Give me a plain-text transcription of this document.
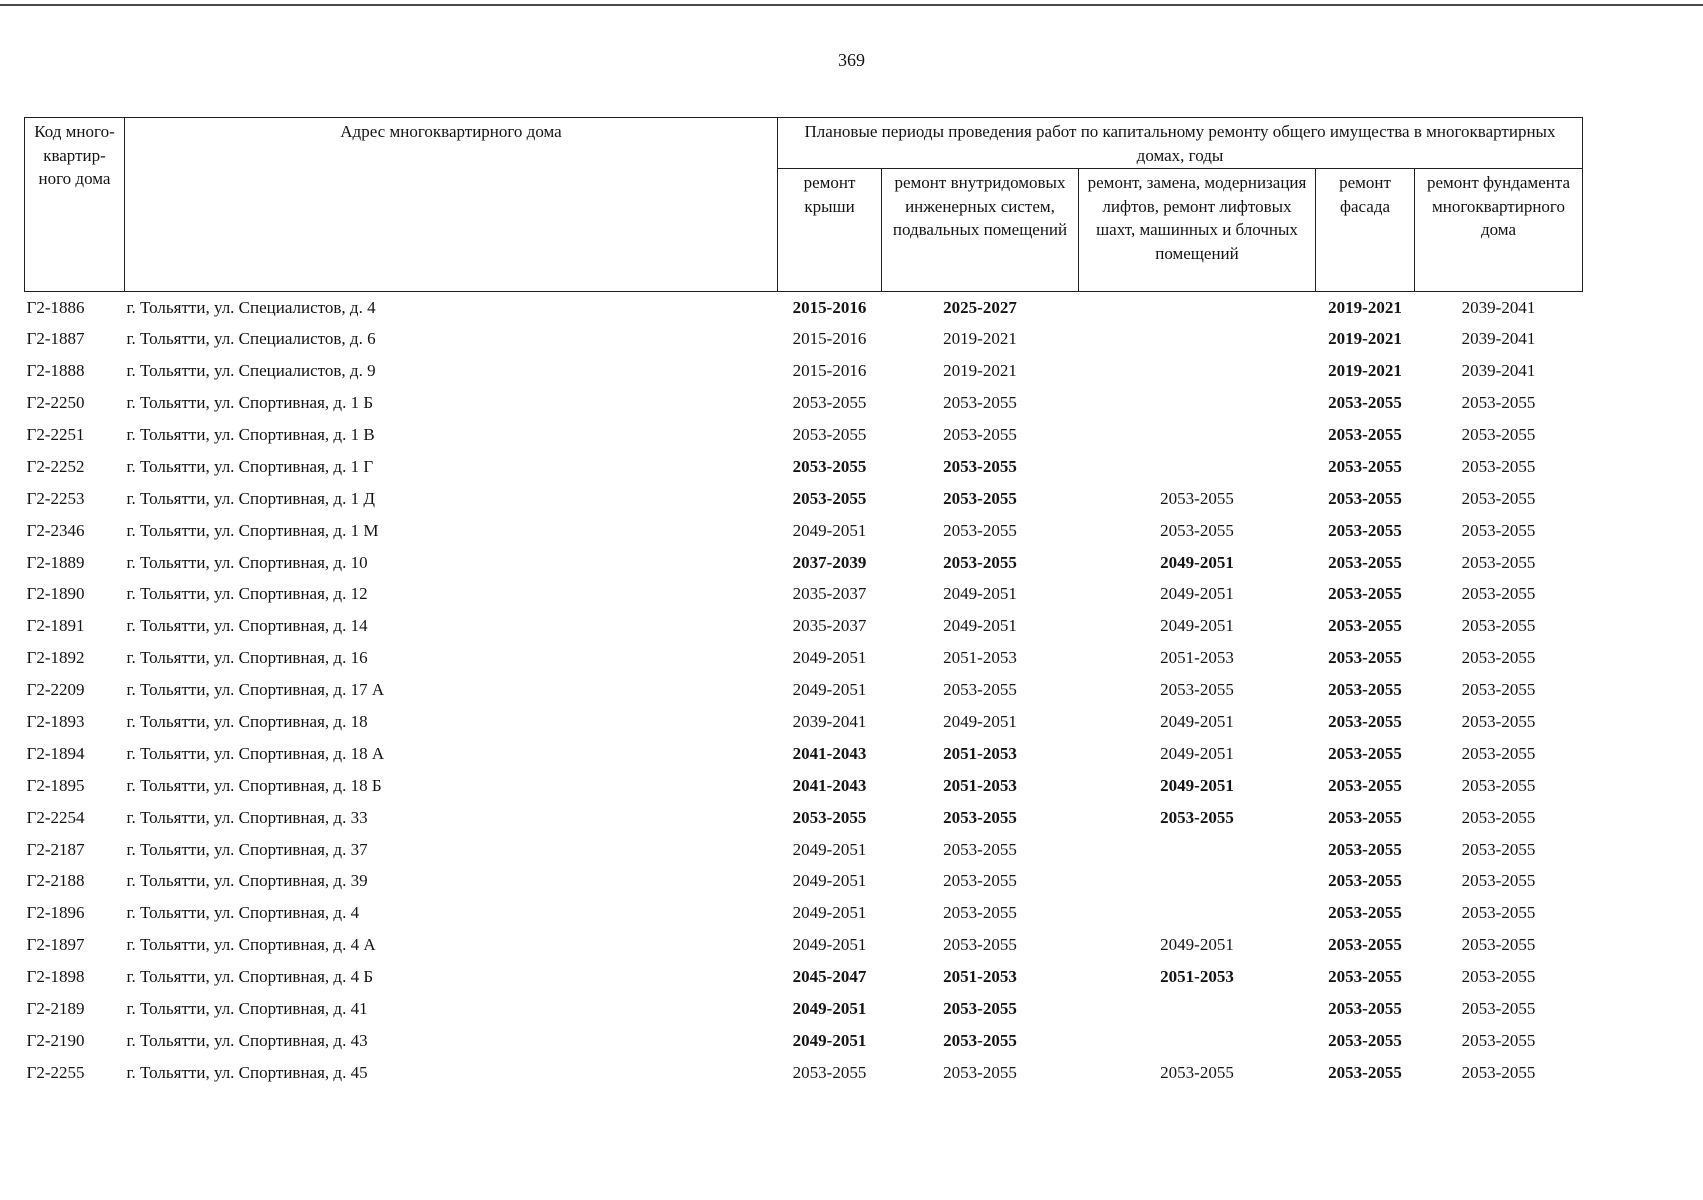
369
Код много-квартир-ного дома	Адрес многоквартирного дома	Плановые периоды проведения работ по капитальному ремонту общего имущества в многоквартирных домах, годы				
		ремонт крыши	ремонт внутридомовых инженерных систем, подвальных помещений	ремонт, замена, модернизация лифтов, ремонт лифтовых шахт, машинных и блочных помещений	ремонт фасада	ремонт фундамента многоквартирного дома
Г2-1886	г. Тольятти, ул. Специалистов, д. 4	2015-2016	2025-2027		2019-2021	2039-2041
Г2-1887	г. Тольятти, ул. Специалистов, д. 6	2015-2016	2019-2021		2019-2021	2039-2041
Г2-1888	г. Тольятти, ул. Специалистов, д. 9	2015-2016	2019-2021		2019-2021	2039-2041
Г2-2250	г. Тольятти, ул. Спортивная, д. 1 Б	2053-2055	2053-2055		2053-2055	2053-2055
Г2-2251	г. Тольятти, ул. Спортивная, д. 1 В	2053-2055	2053-2055		2053-2055	2053-2055
Г2-2252	г. Тольятти, ул. Спортивная, д. 1 Г	2053-2055	2053-2055		2053-2055	2053-2055
Г2-2253	г. Тольятти, ул. Спортивная, д. 1 Д	2053-2055	2053-2055	2053-2055	2053-2055	2053-2055
Г2-2346	г. Тольятти, ул. Спортивная, д. 1 М	2049-2051	2053-2055	2053-2055	2053-2055	2053-2055
Г2-1889	г. Тольятти, ул. Спортивная, д. 10	2037-2039	2053-2055	2049-2051	2053-2055	2053-2055
Г2-1890	г. Тольятти, ул. Спортивная, д. 12	2035-2037	2049-2051	2049-2051	2053-2055	2053-2055
Г2-1891	г. Тольятти, ул. Спортивная, д. 14	2035-2037	2049-2051	2049-2051	2053-2055	2053-2055
Г2-1892	г. Тольятти, ул. Спортивная, д. 16	2049-2051	2051-2053	2051-2053	2053-2055	2053-2055
Г2-2209	г. Тольятти, ул. Спортивная, д. 17 А	2049-2051	2053-2055	2053-2055	2053-2055	2053-2055
Г2-1893	г. Тольятти, ул. Спортивная, д. 18	2039-2041	2049-2051	2049-2051	2053-2055	2053-2055
Г2-1894	г. Тольятти, ул. Спортивная, д. 18 А	2041-2043	2051-2053	2049-2051	2053-2055	2053-2055
Г2-1895	г. Тольятти, ул. Спортивная, д. 18 Б	2041-2043	2051-2053	2049-2051	2053-2055	2053-2055
Г2-2254	г. Тольятти, ул. Спортивная, д. 33	2053-2055	2053-2055	2053-2055	2053-2055	2053-2055
Г2-2187	г. Тольятти, ул. Спортивная, д. 37	2049-2051	2053-2055		2053-2055	2053-2055
Г2-2188	г. Тольятти, ул. Спортивная, д. 39	2049-2051	2053-2055		2053-2055	2053-2055
Г2-1896	г. Тольятти, ул. Спортивная, д. 4	2049-2051	2053-2055		2053-2055	2053-2055
Г2-1897	г. Тольятти, ул. Спортивная, д. 4 А	2049-2051	2053-2055	2049-2051	2053-2055	2053-2055
Г2-1898	г. Тольятти, ул. Спортивная, д. 4 Б	2045-2047	2051-2053	2051-2053	2053-2055	2053-2055
Г2-2189	г. Тольятти, ул. Спортивная, д. 41	2049-2051	2053-2055		2053-2055	2053-2055
Г2-2190	г. Тольятти, ул. Спортивная, д. 43	2049-2051	2053-2055		2053-2055	2053-2055
Г2-2255	г. Тольятти, ул. Спортивная, д. 45	2053-2055	2053-2055	2053-2055	2053-2055	2053-2055
